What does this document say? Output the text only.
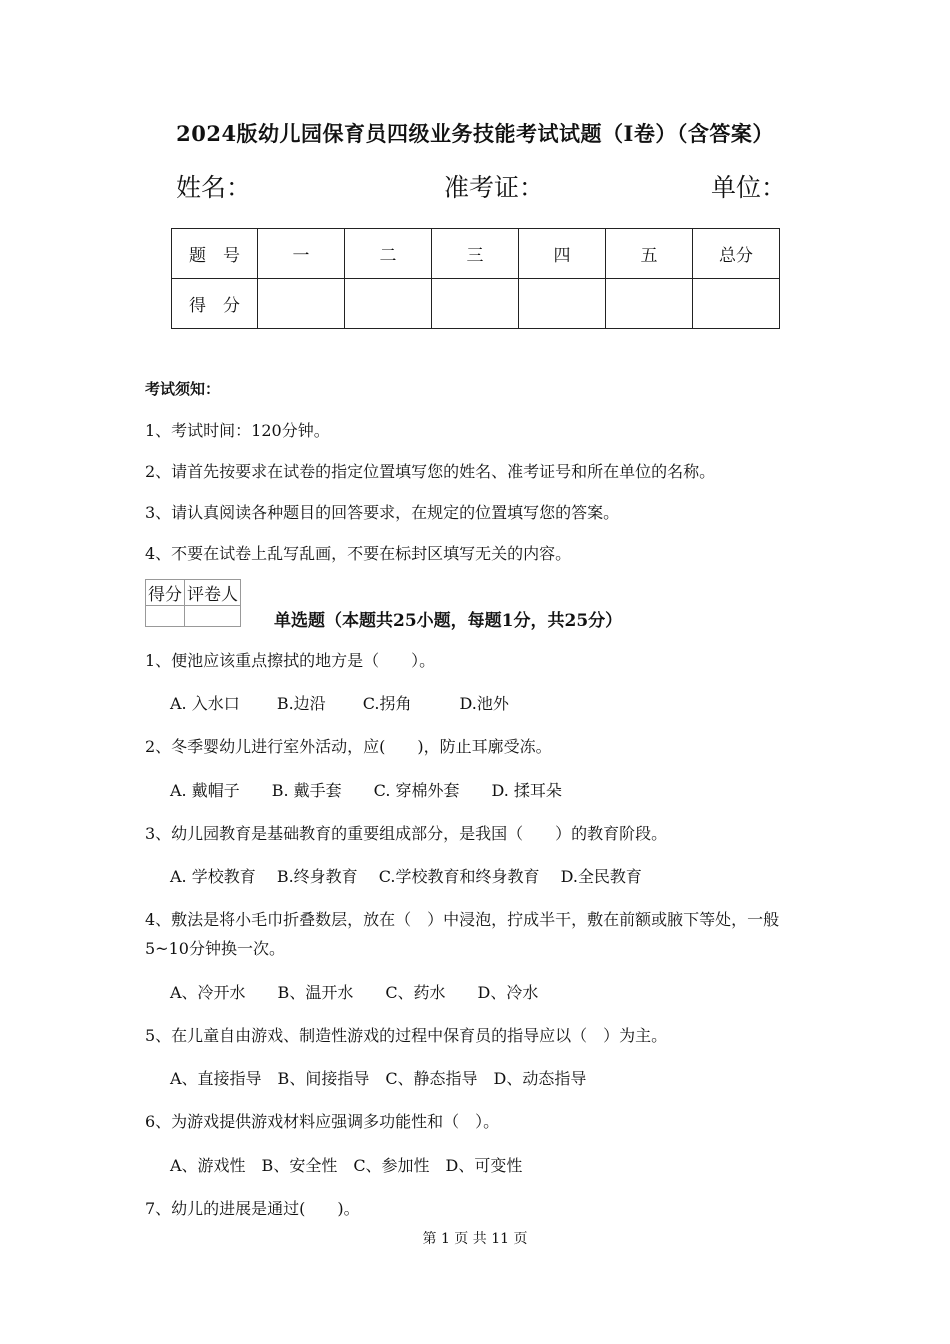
2024版幼儿园保育员四级业务技能考试试题（I卷）（含答案）
姓名：	准考证：	单位：
题　号	一	二	三	四	五	总分
得　分						
考试须知：
1、考试时间：120分钟。
2、请首先按要求在试卷的指定位置填写您的姓名、准考证号和所在单位的名称。
3、请认真阅读各种题目的回答要求，在规定的位置填写您的答案。
4、不要在试卷上乱写乱画，不要在标封区填写无关的内容。
得分	评卷人

单选题（本题共25小题，每题1分，共25分）
1、便池应该重点擦拭的地方是（　　）。
A. 入水口　　 B.边沿　　 C.拐角　　　D.池外
2、冬季婴幼儿进行室外活动，应(　　)，防止耳廓受冻。
A. 戴帽子　　B. 戴手套　　C. 穿棉外套　　D. 揉耳朵
3、幼儿园教育是基础教育的重要组成部分，是我国（　　）的教育阶段。
A. 学校教育　 B.终身教育　 C.学校教育和终身教育　 D.全民教育
4、敷法是将小毛巾折叠数层，放在（　）中浸泡，拧成半干，敷在前额或腋下等处，一般
5~10分钟换一次。
A、冷开水　　B、温开水　　C、药水　　D、冷水
5、在儿童自由游戏、制造性游戏的过程中保育员的指导应以（　）为主。
A、直接指导　B、间接指导　C、静态指导　D、动态指导
6、为游戏提供游戏材料应强调多功能性和（　）。
A、游戏性　B、安全性　C、参加性　D、可变性
7、幼儿的进展是通过(　　)。
第 1 页 共 11 页
